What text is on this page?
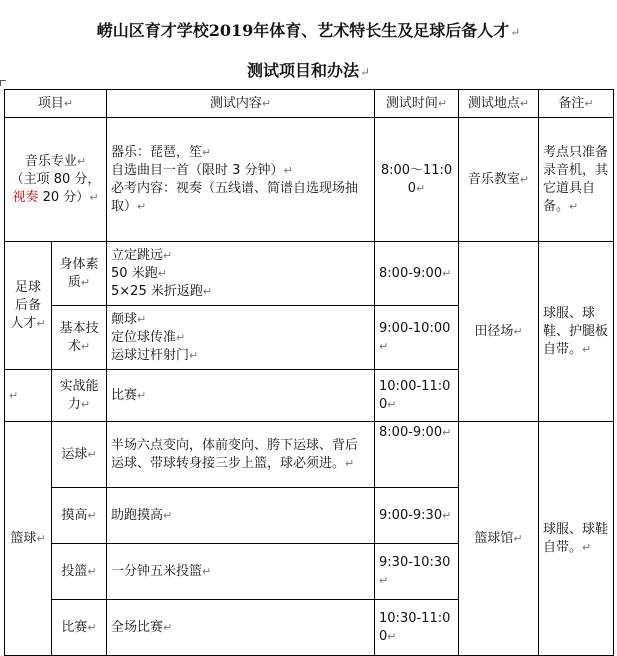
崂山区育才学校2019年体育、艺术特长生及足球后备人才↵
测试项目和办法↵
项目↵		测试内容↵	测试时间↵	测试地点↵	备注↵
音乐专业↵
（主项 80 分，视奏 20 分）↵		器乐：琵琶，笙↵
自选曲目一首（限时 3 分钟）↵
必考内容：视奏（五线谱、简谱自选现场抽取）↵	8:00～11:00↵	音乐教室↵	考点只准备录音机，其它道具自备。↵
足球后备人才↵	身体素质↵	立定跳远↵
50 米跑↵
5×25 米折返跑↵	8:00-9:00↵	田径场↵	球服、球鞋、护腿板自带。↵
	基本技术↵	颠球↵
定位球传准↵
运球过杆射门↵	9:00-10:00↵		
↵	实战能力↵	比赛↵	10:00-11:00↵		
篮球↵	运球↵	半场六点变向，体前变向、胯下运球、背后运球、带球转身接三步上篮，球必须进。↵	8:00-9:00↵	篮球馆↵	球服、球鞋自带。↵
	摸高↵	助跑摸高↵	9:00-9:30↵		
	投篮↵	一分钟五米投篮↵	9:30-10:30↵		
	比赛↵	全场比赛↵	10:30-11:00↵		
